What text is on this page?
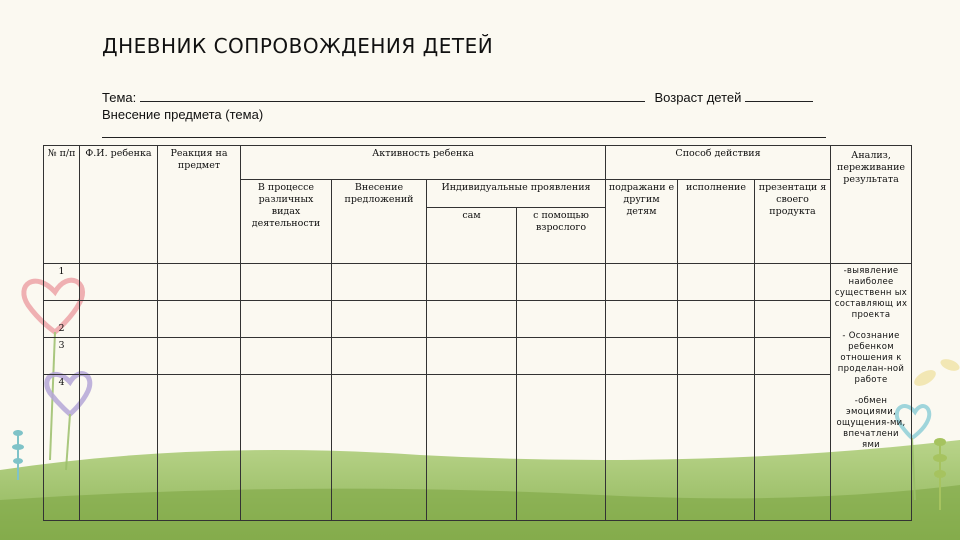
ДНЕВНИК СОПРОВОЖДЕНИЯ ДЕТЕЙ
Тема:	Возраст детей
Внесение предмета (тема)
№ п/п	Ф.И. ребенка	Реакция на предмет	Активность ребенка				Способ действия			Анализ, переживание результата
			В процессе различных видах деятельности	Внесение предложений	Индивидуальные проявления		подражани е другим детям	исполнение	презентаци я своего продукта	
					сам	с помощью взрослого				
1										-выявление наиболее существенн ых составляющ их проекта
- Осознание ребенком отношения к проделан-ной работе
-обмен эмоциями, ощущения-ми, впечатлени ями

2										
3										
4										
